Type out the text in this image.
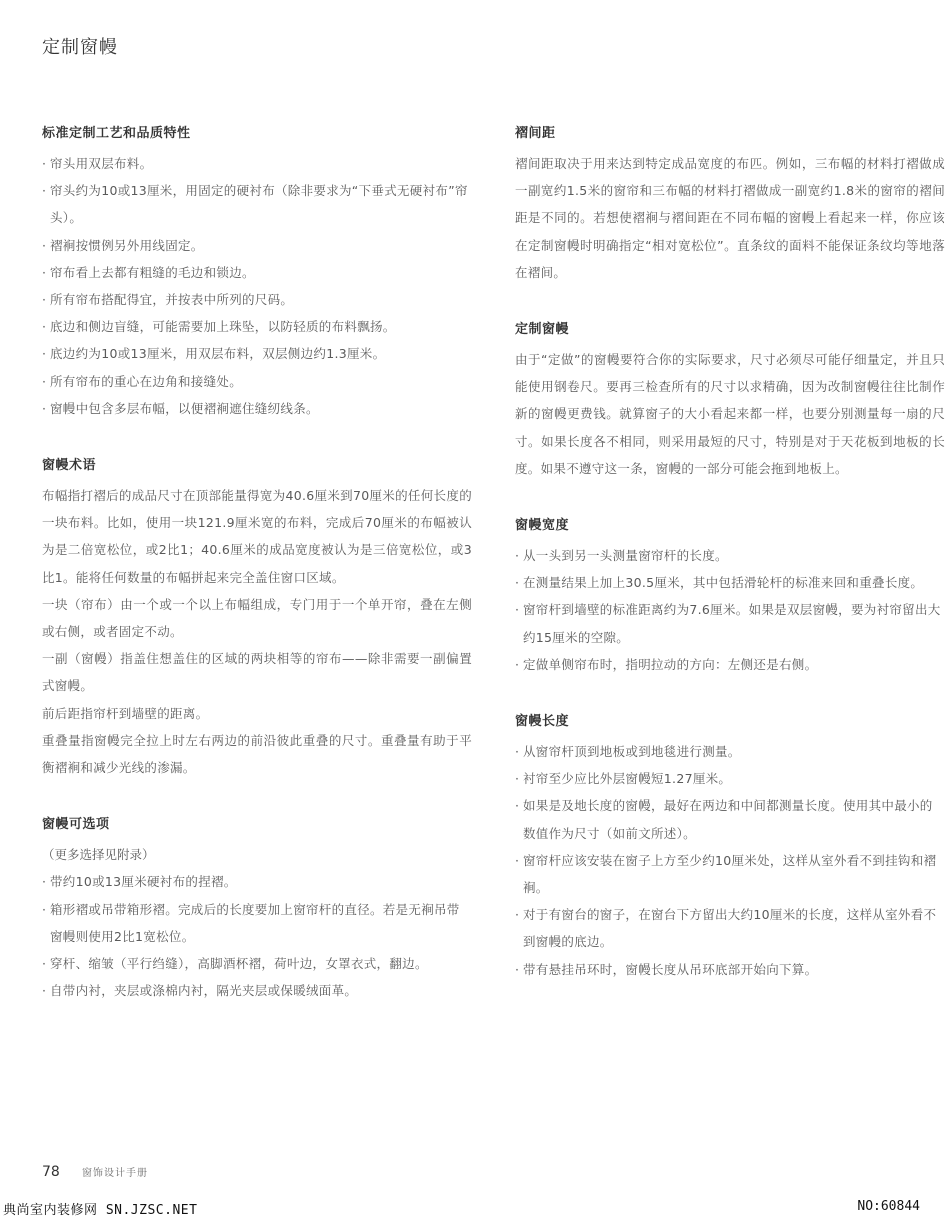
定制窗幔
标准定制工艺和品质特性
· 帘头用双层布料。
· 帘头约为10或13厘米，用固定的硬衬布（除非要求为“下垂式无硬衬布”帘头）。
· 褶裥按惯例另外用线固定。
· 帘布看上去都有粗缝的毛边和锁边。
· 所有帘布搭配得宜，并按表中所列的尺码。
· 底边和侧边盲缝，可能需要加上珠坠，以防轻质的布料飘扬。
· 底边约为10或13厘米，用双层布料，双层侧边约1.3厘米。
· 所有帘布的重心在边角和接缝处。
· 窗幔中包含多层布幅，以便褶裥遮住缝纫线条。
窗幔术语

布幅指打褶后的成品尺寸在顶部能量得宽为40.6厘米到70厘米的任何长度的一块布料。比如，使用一块121.9厘米宽的布料，完成后70厘米的布幅被认为是二倍宽松位，或2比1；40.6厘米的成品宽度被认为是三倍宽松位，或3比1。能将任何数量的布幅拼起来完全盖住窗口区域。

一块（帘布）由一个或一个以上布幅组成，专门用于一个单开帘，叠在左侧或右侧，或者固定不动。

一副（窗幔）指盖住想盖住的区域的两块相等的帘布——除非需要一副偏置式窗幔。

前后距指帘杆到墙壁的距离。

重叠量指窗幔完全拉上时左右两边的前沿彼此重叠的尺寸。重叠量有助于平衡褶裥和减少光线的渗漏。

窗幔可选项

（更多选择见附录）

· 带约10或13厘米硬衬布的捏褶。
· 箱形褶或吊带箱形褶。完成后的长度要加上窗帘杆的直径。若是无裥吊带窗幔则使用2比1宽松位。
· 穿杆、缩皱（平行绉缝），高脚酒杯褶，荷叶边，女罩衣式，翻边。
· 自带内衬，夹层或涤棉内衬，隔光夹层或保暖绒面革。
褶间距

褶间距取决于用来达到特定成品宽度的布匹。例如，三布幅的材料打褶做成一副宽约1.5米的窗帘和三布幅的材料打褶做成一副宽约1.8米的窗帘的褶间距是不同的。若想使褶裥与褶间距在不同布幅的窗幔上看起来一样，你应该在定制窗幔时明确指定“相对宽松位”。直条纹的面料不能保证条纹均等地落在褶间。

定制窗幔

由于“定做”的窗幔要符合你的实际要求，尺寸必须尽可能仔细量定，并且只能使用钢卷尺。要再三检查所有的尺寸以求精确，因为改制窗幔往往比制作新的窗幔更费钱。就算窗子的大小看起来都一样，也要分别测量每一扇的尺寸。如果长度各不相同，则采用最短的尺寸，特别是对于天花板到地板的长度。如果不遵守这一条，窗幔的一部分可能会拖到地板上。

窗幔宽度
· 从一头到另一头测量窗帘杆的长度。
· 在测量结果上加上30.5厘米，其中包括滑轮杆的标准来回和重叠长度。
· 窗帘杆到墙壁的标准距离约为7.6厘米。如果是双层窗幔，要为衬帘留出大约15厘米的空隙。
· 定做单侧帘布时，指明拉动的方向：左侧还是右侧。
窗幔长度
· 从窗帘杆顶到地板或到地毯进行测量。
· 衬帘至少应比外层窗幔短1.27厘米。
· 如果是及地长度的窗幔，最好在两边和中间都测量长度。使用其中最小的数值作为尺寸（如前文所述）。
· 窗帘杆应该安装在窗子上方至少约10厘米处，这样从室外看不到挂钩和褶裥。
· 对于有窗台的窗子，在窗台下方留出大约10厘米的长度，这样从室外看不到窗幔的底边。
· 带有悬挂吊环时，窗幔长度从吊环底部开始向下算。
78 窗饰设计手册
典尚室内装修网 SN.JZSC.NET	NO:60844
